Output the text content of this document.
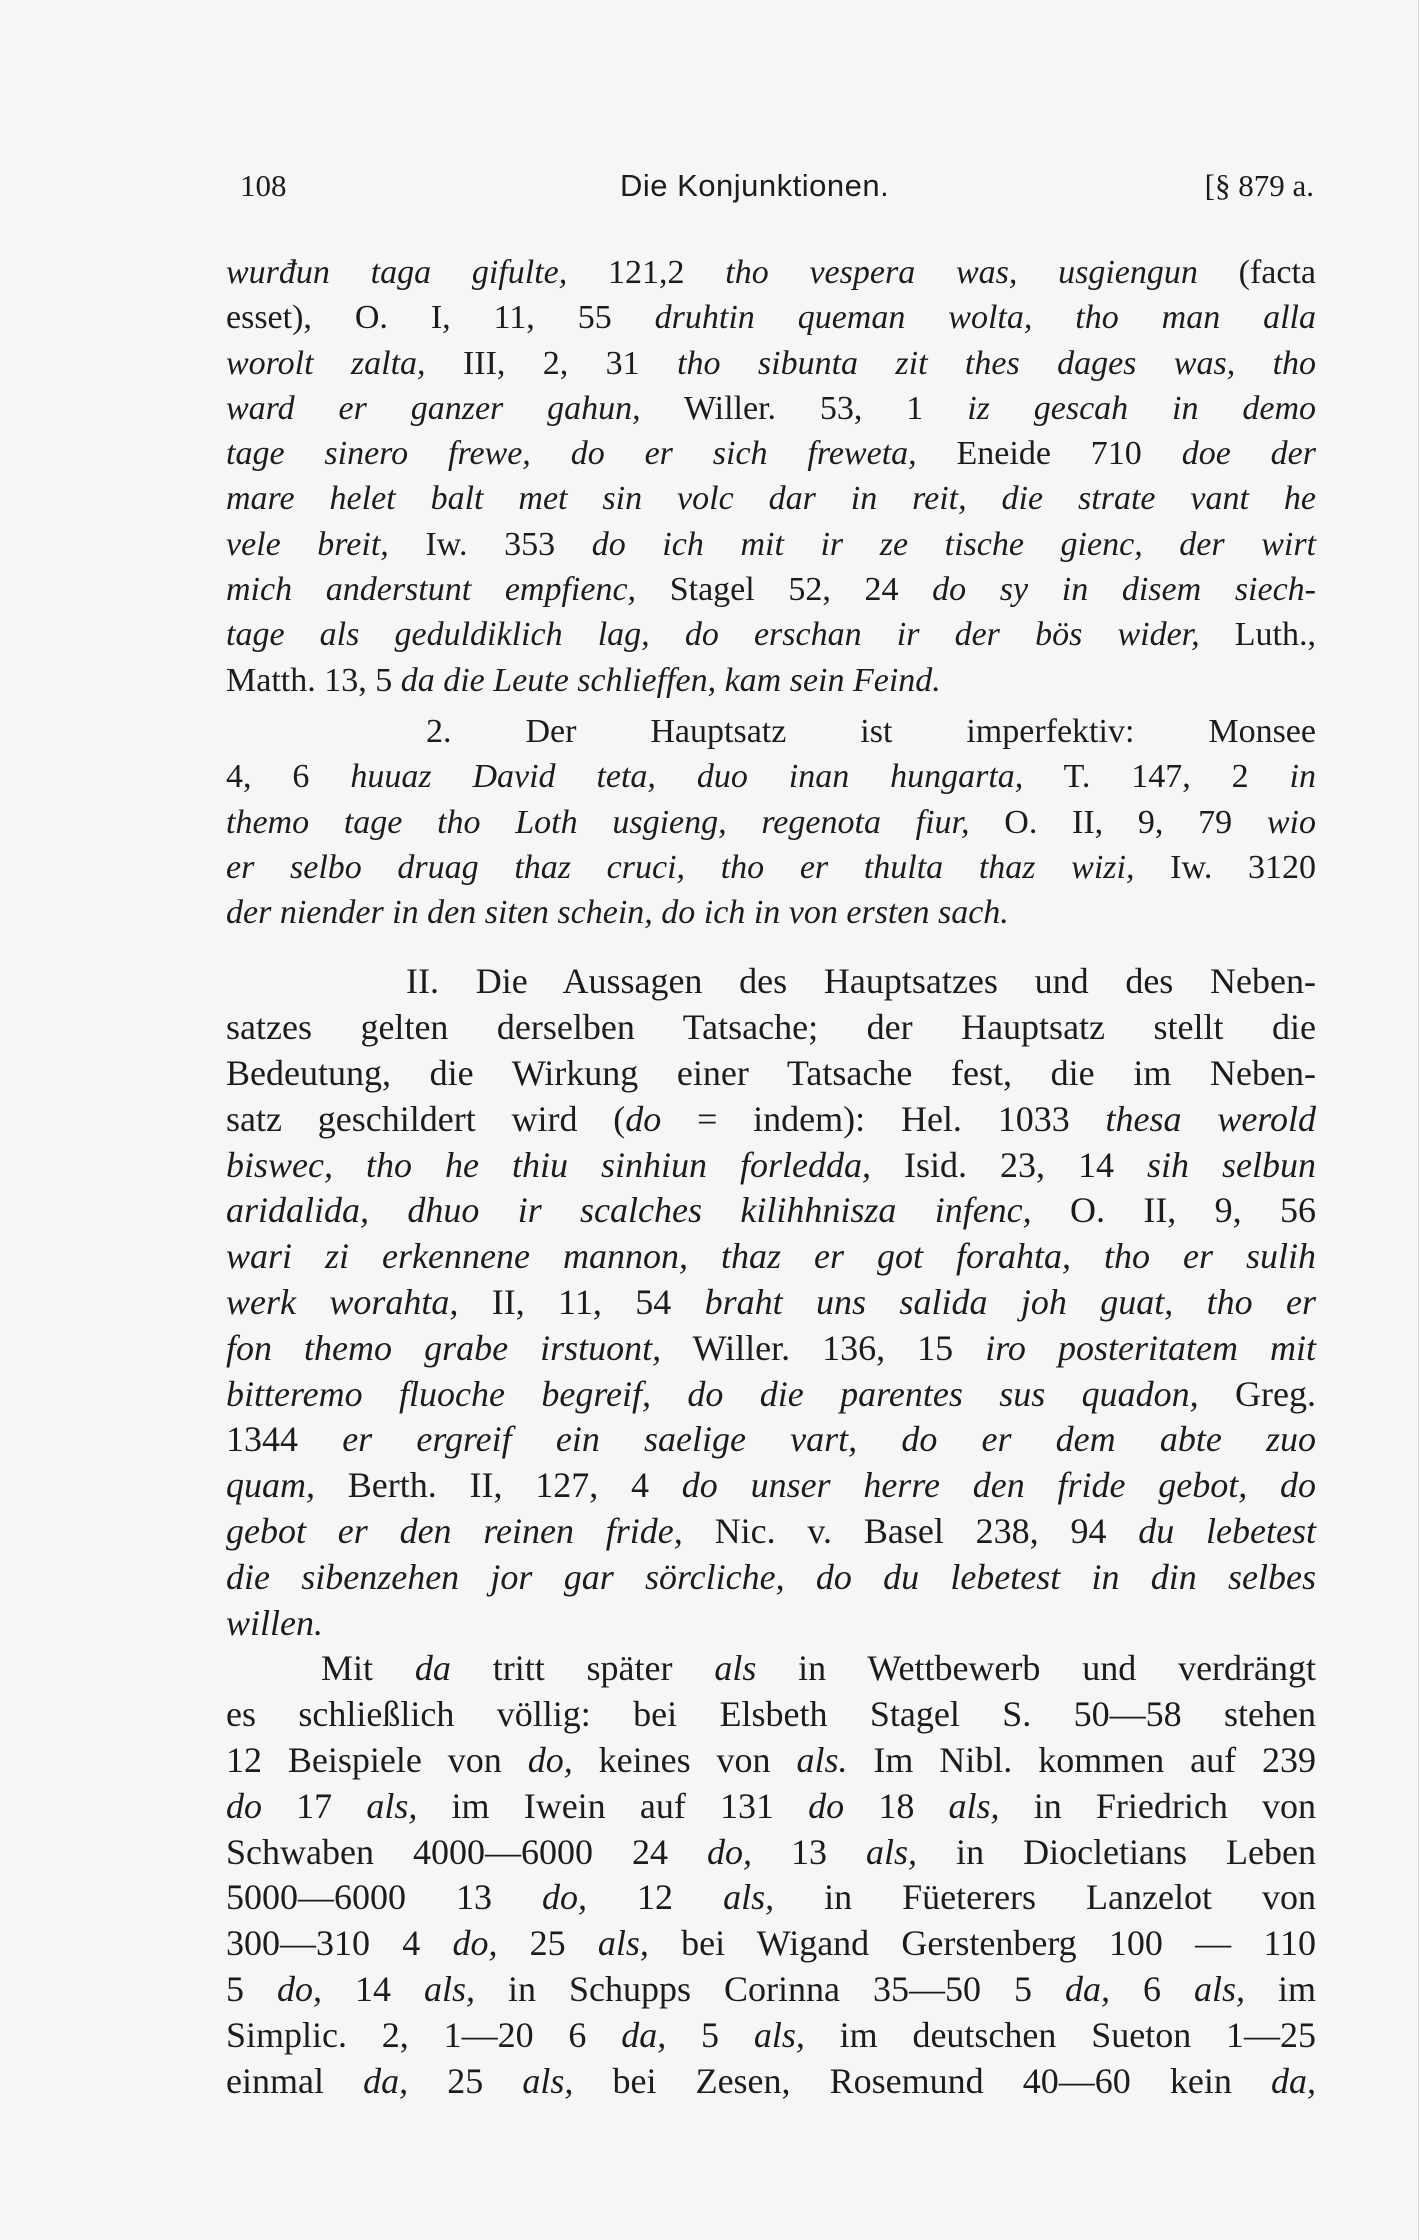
108	Die Konjunktionen.	[§ 879 a.
wurđun taga gifulte, 121,2 tho vespera was, usgiengun (facta
esset), O. I, 11, 55 druhtin queman wolta, tho man alla
worolt zalta, III, 2, 31 tho sibunta zit thes dages was, tho
ward er ganzer gahun, Willer. 53, 1 iz gescah in demo
tage sinero frewe, do er sich freweta, Eneide 710 doe der
mare helet balt met sin volc dar in reit, die strate vant he
vele breit, Iw. 353 do ich mit ir ze tische gienc, der wirt
mich anderstunt empfienc, Stagel 52, 24 do sy in disem siech-
tage als geduldiklich lag, do erschan ir der bös wider, Luth.,
Matth. 13, 5 da die Leute schlieffen, kam sein Feind.
2. Der Hauptsatz ist imperfektiv: Monsee
4, 6 huuaz David teta, duo inan hungarta, T. 147, 2 in
themo tage tho Loth usgieng, regenota fiur, O. II, 9, 79 wio
er selbo druag thaz cruci, tho er thulta thaz wizi, Iw. 3120
der niender in den siten schein, do ich in von ersten sach.
II. Die Aussagen des Hauptsatzes und des Neben-
satzes gelten derselben Tatsache; der Hauptsatz stellt die
Bedeutung, die Wirkung einer Tatsache fest, die im Neben-
satz geschildert wird (do = indem): Hel. 1033 thesa werold
biswec, tho he thiu sinhiun forledda, Isid. 23, 14 sih selbun
aridalida, dhuo ir scalches kilihhnisza infenc, O. II, 9, 56
wari zi erkennene mannon, thaz er got forahta, tho er sulih
werk worahta, II, 11, 54 braht uns salida joh guat, tho er
fon themo grabe irstuont, Willer. 136, 15 iro posteritatem mit
bitteremo fluoche begreif, do die parentes sus quadon, Greg.
1344 er ergreif ein saelige vart, do er dem abte zuo
quam, Berth. II, 127, 4 do unser herre den fride gebot, do
gebot er den reinen fride, Nic. v. Basel 238, 94 du lebetest
die sibenzehen jor gar sörcliche, do du lebetest in din selbes
willen.
Mit da tritt später als in Wettbewerb und verdrängt
es schließlich völlig: bei Elsbeth Stagel S. 50—58 stehen
12 Beispiele von do, keines von als. Im Nibl. kommen auf 239
do 17 als, im Iwein auf 131 do 18 als, in Friedrich von
Schwaben 4000—6000 24 do, 13 als, in Diocletians Leben
5000—6000 13 do, 12 als, in Füeterers Lanzelot von
300—310 4 do, 25 als, bei Wigand Gerstenberg 100 — 110
5 do, 14 als, in Schupps Corinna 35—50 5 da, 6 als, im
Simplic. 2, 1—20 6 da, 5 als, im deutschen Sueton 1—25
einmal da, 25 als, bei Zesen, Rosemund 40—60 kein da,
